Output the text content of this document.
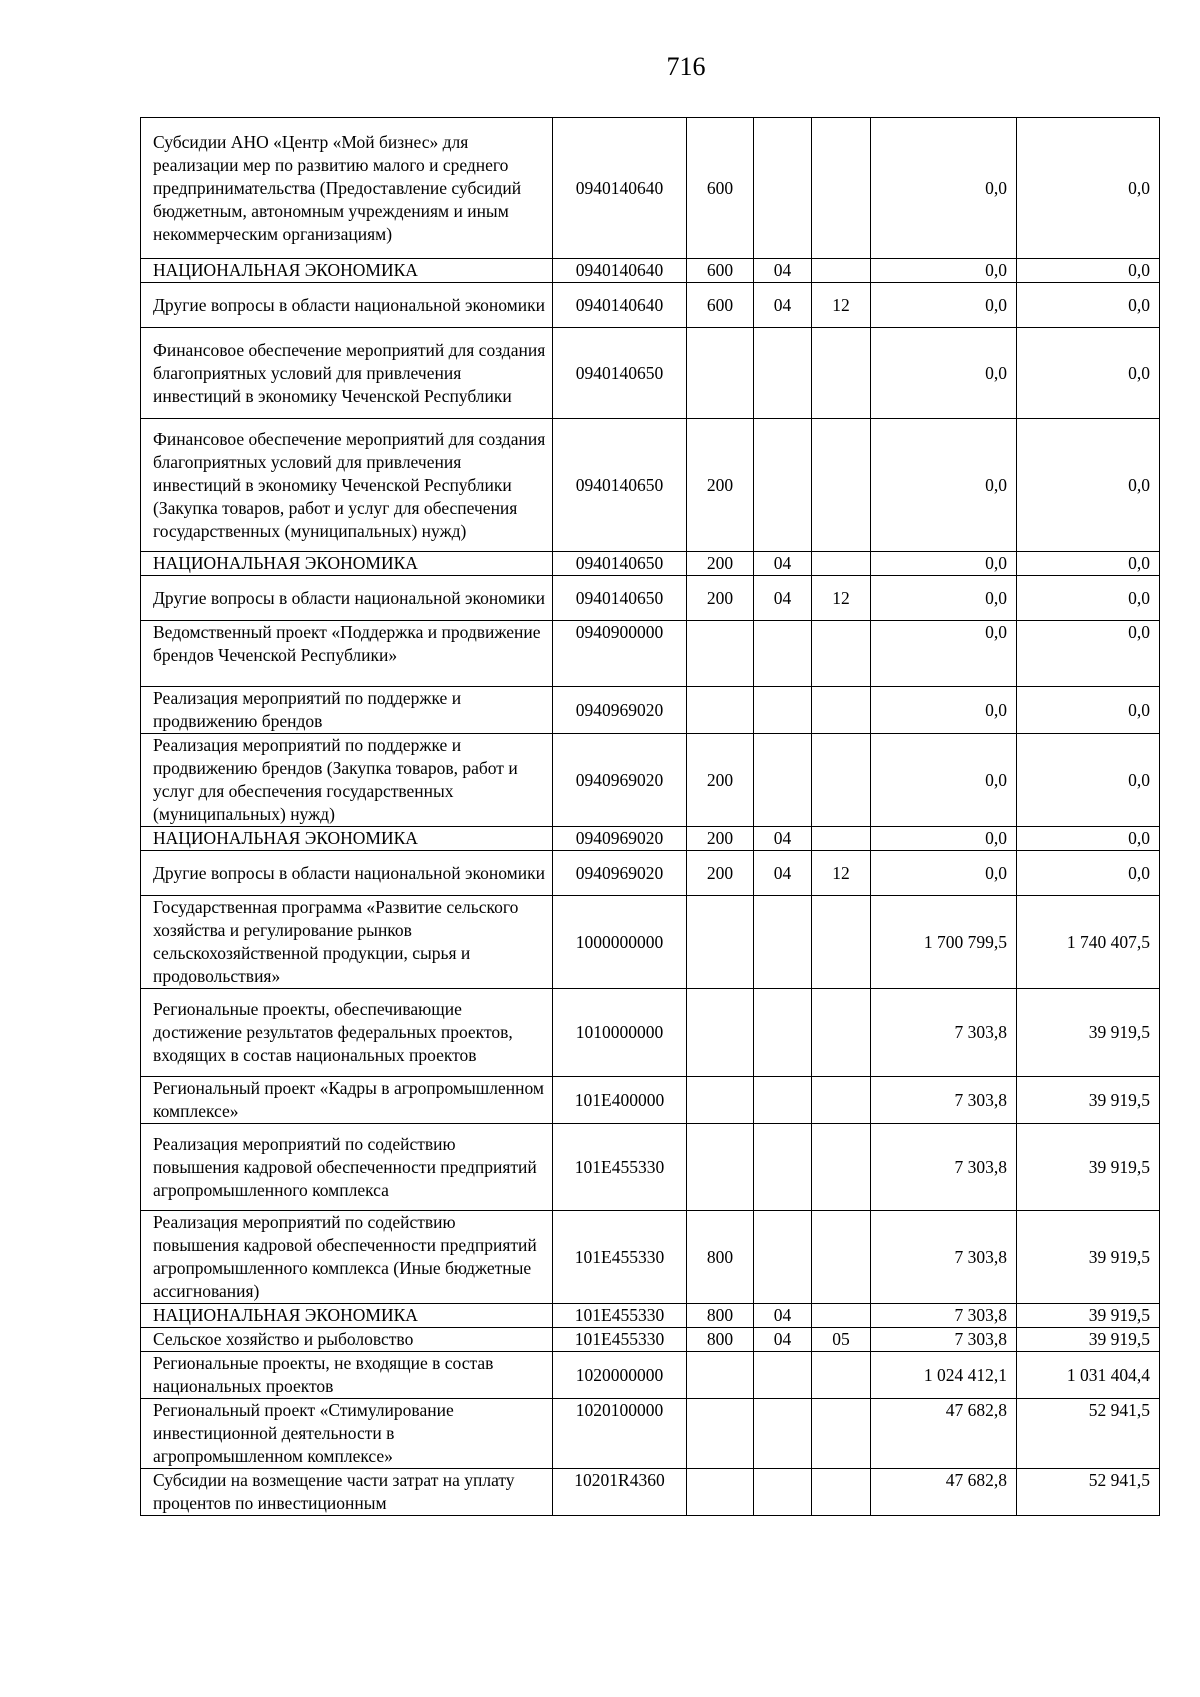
716
Субсидии АНО «Центр «Мой бизнес» для реализации мер по развитию малого и среднего предпринимательства (Предоставление субсидий бюджетным, автономным учреждениям и иным некоммерческим организациям)	0940140640	600			0,0	0,0
НАЦИОНАЛЬНАЯ ЭКОНОМИКА	0940140640	600	04		0,0	0,0
Другие вопросы в области национальной экономики	0940140640	600	04	12	0,0	0,0
Финансовое обеспечение мероприятий для создания благоприятных условий для привлечения инвестиций в экономику Чеченской Республики	0940140650				0,0	0,0
Финансовое обеспечение мероприятий для создания благоприятных условий для привлечения инвестиций в экономику Чеченской Республики (Закупка товаров, работ и услуг для обеспечения государственных (муниципальных) нужд)	0940140650	200			0,0	0,0
НАЦИОНАЛЬНАЯ ЭКОНОМИКА	0940140650	200	04		0,0	0,0
Другие вопросы в области национальной экономики	0940140650	200	04	12	0,0	0,0
Ведомственный проект «Поддержка и продвижение брендов Чеченской Республики»	0940900000				0,0	0,0
Реализация мероприятий по поддержке и продвижению брендов	0940969020				0,0	0,0
Реализация мероприятий по поддержке и продвижению брендов (Закупка товаров, работ и услуг для обеспечения государственных (муниципальных) нужд)	0940969020	200			0,0	0,0
НАЦИОНАЛЬНАЯ ЭКОНОМИКА	0940969020	200	04		0,0	0,0
Другие вопросы в области национальной экономики	0940969020	200	04	12	0,0	0,0
Государственная программа «Развитие сельского хозяйства и регулирование рынков сельскохозяйственной продукции, сырья и продовольствия»	1000000000				1 700 799,5	1 740 407,5
Региональные проекты, обеспечивающие достижение результатов федеральных проектов, входящих в состав национальных проектов	1010000000				7 303,8	39 919,5
Региональный проект «Кадры в агропромышленном комплексе»	101E400000				7 303,8	39 919,5
Реализация мероприятий по содействию повышения кадровой обеспеченности предприятий агропромышленного комплекса	101E455330				7 303,8	39 919,5
Реализация мероприятий по содействию повышения кадровой обеспеченности предприятий агропромышленного комплекса (Иные бюджетные ассигнования)	101E455330	800			7 303,8	39 919,5
НАЦИОНАЛЬНАЯ ЭКОНОМИКА	101E455330	800	04		7 303,8	39 919,5
Сельское хозяйство и рыболовство	101E455330	800	04	05	7 303,8	39 919,5
Региональные проекты, не входящие в состав национальных проектов	1020000000				1 024 412,1	1 031 404,4
Региональный проект «Стимулирование инвестиционной деятельности в агропромышленном комплексе»	1020100000				47 682,8	52 941,5
Субсидии на возмещение части затрат на уплату процентов по инвестиционным	10201R4360				47 682,8	52 941,5
